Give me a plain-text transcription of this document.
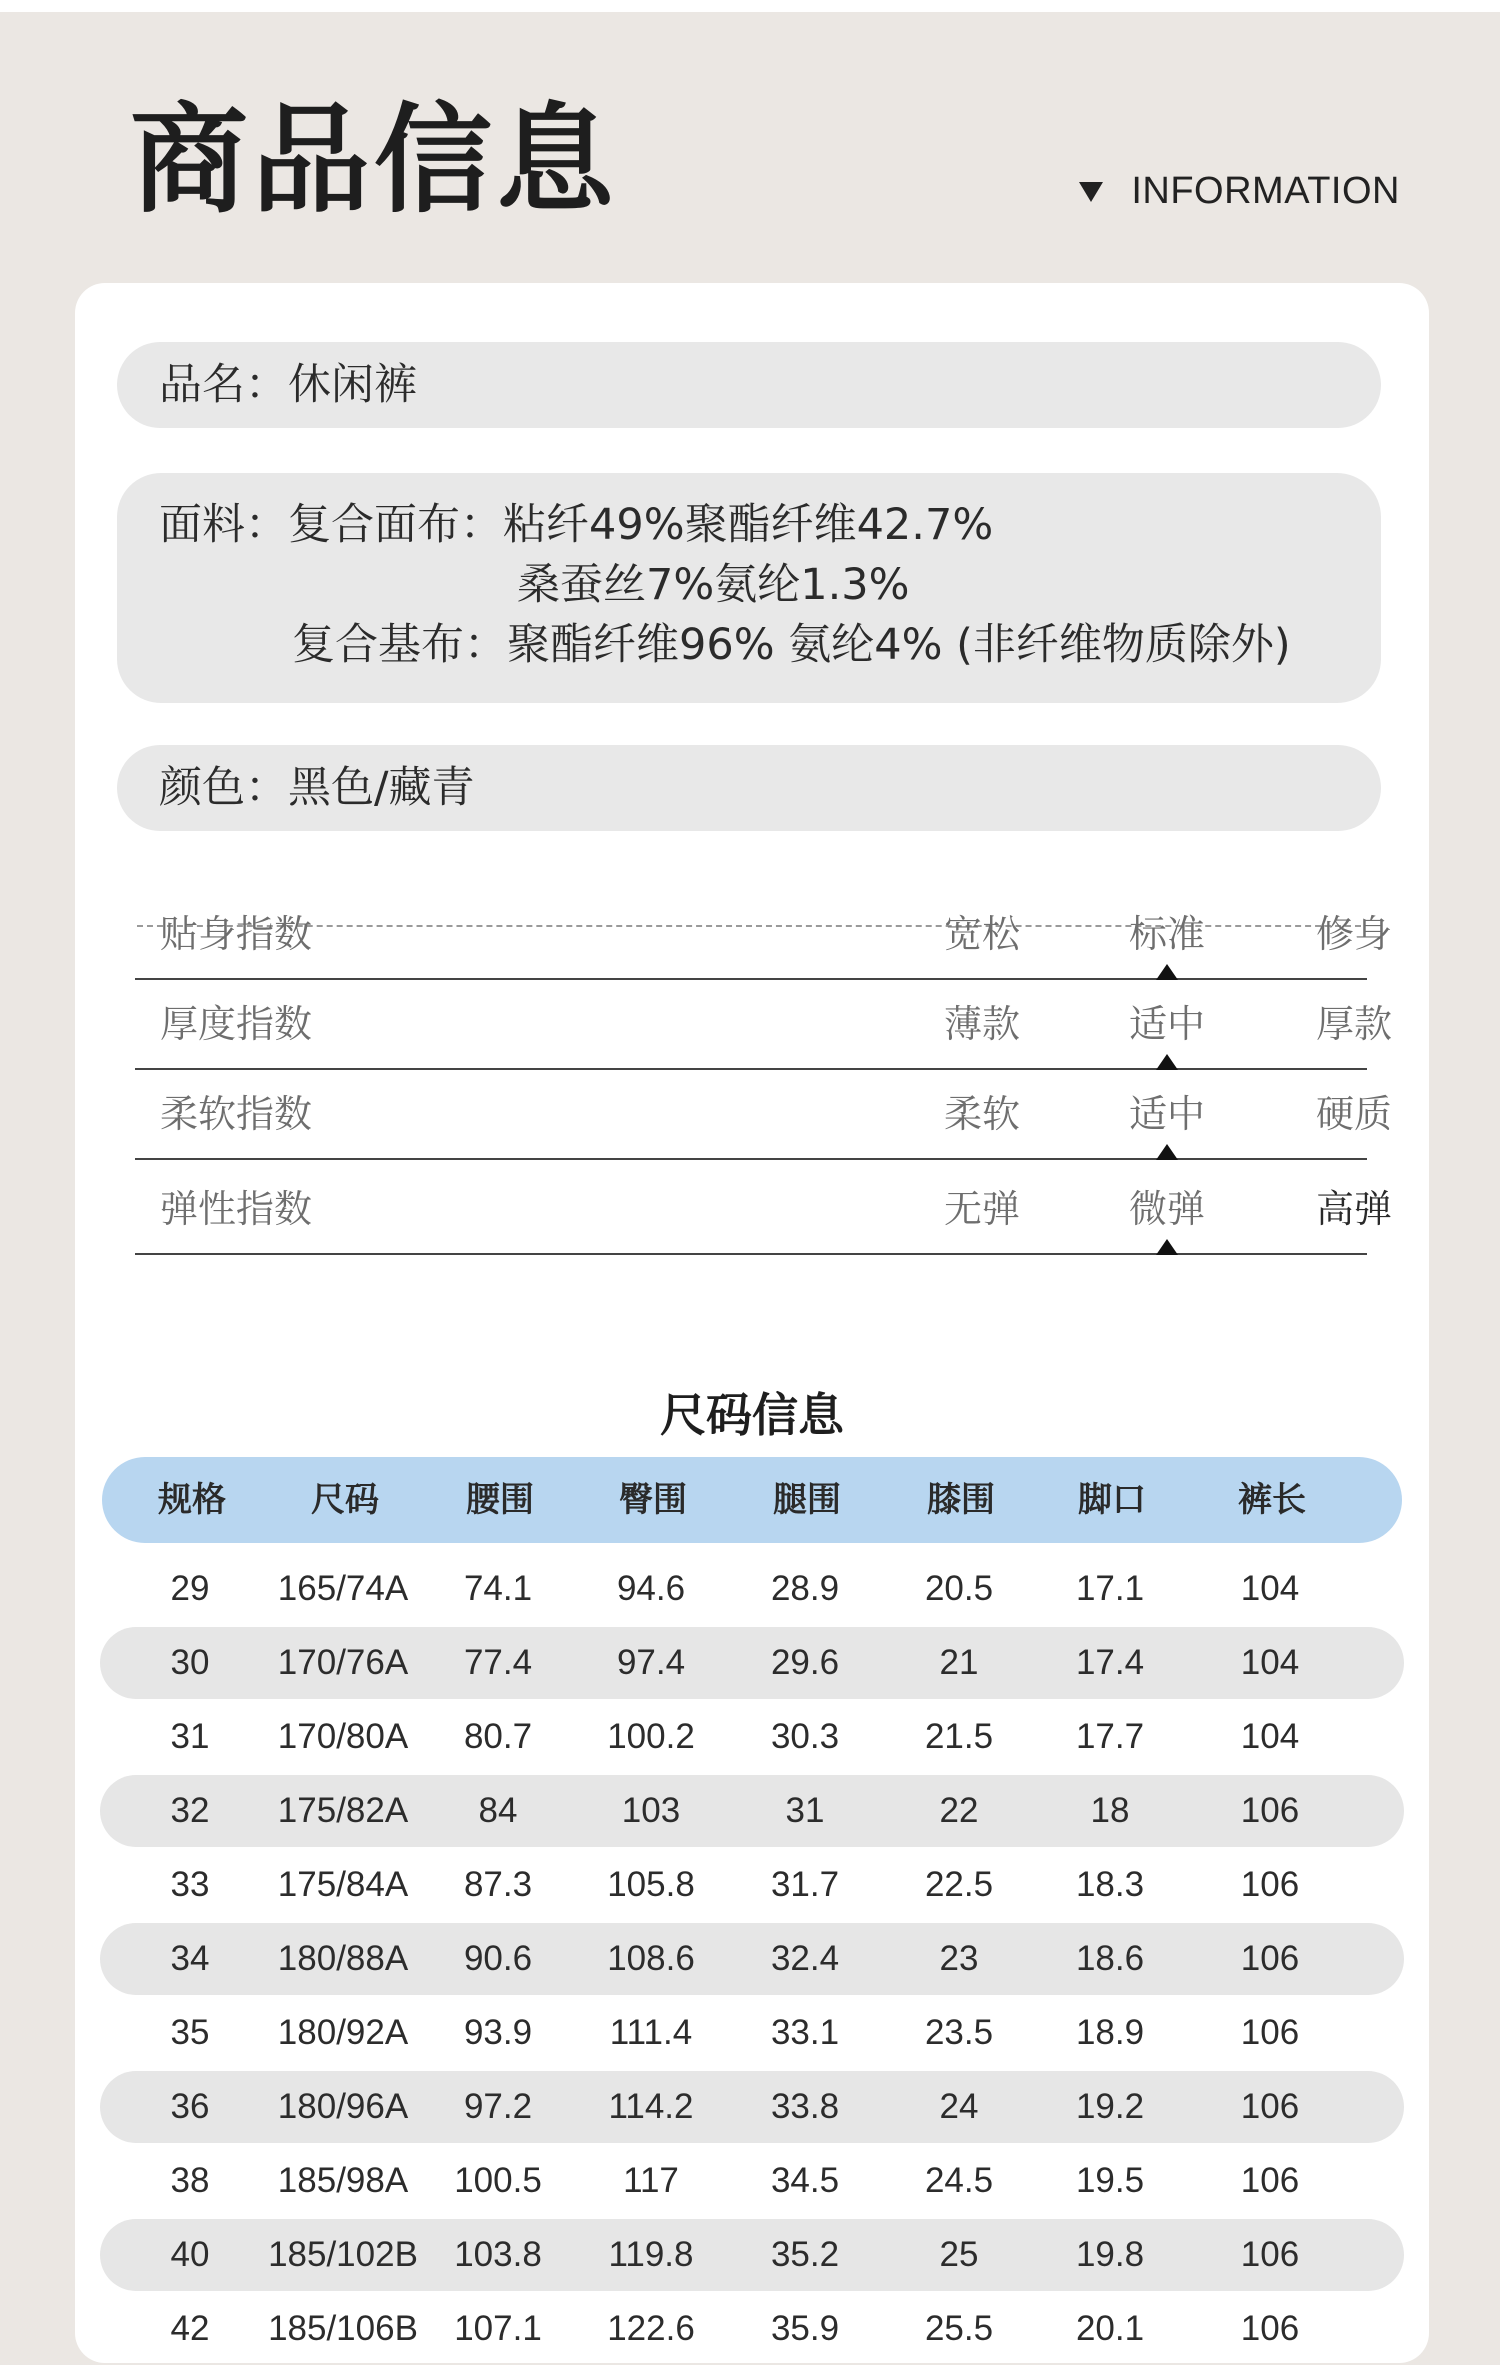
商品信息	INFORMATION
品名：休闲裤
面料：复合面布：粘纤49%聚酯纤维42.7%
桑蚕丝7%氨纶1.3%
复合基布：聚酯纤维96% 氨纶4% (非纤维物质除外)
颜色：黑色/藏青
贴身指数	宽松	标准	修身
厚度指数	薄款	适中	厚款
柔软指数	柔软	适中	硬质
弹性指数	无弹	微弹	高弹
尺码信息
规格	尺码	腰围	臀围	腿围	膝围	脚口	裤长
29	165/74A	74.1	94.6	28.9	20.5	17.1	104
30	170/76A	77.4	97.4	29.6	21	17.4	104
31	170/80A	80.7	100.2	30.3	21.5	17.7	104
32	175/82A	84	103	31	22	18	106
33	175/84A	87.3	105.8	31.7	22.5	18.3	106
34	180/88A	90.6	108.6	32.4	23	18.6	106
35	180/92A	93.9	111.4	33.1	23.5	18.9	106
36	180/96A	97.2	114.2	33.8	24	19.2	106
38	185/98A	100.5	117	34.5	24.5	19.5	106
40	185/102B	103.8	119.8	35.2	25	19.8	106
42	185/106B	107.1	122.6	35.9	25.5	20.1	106
